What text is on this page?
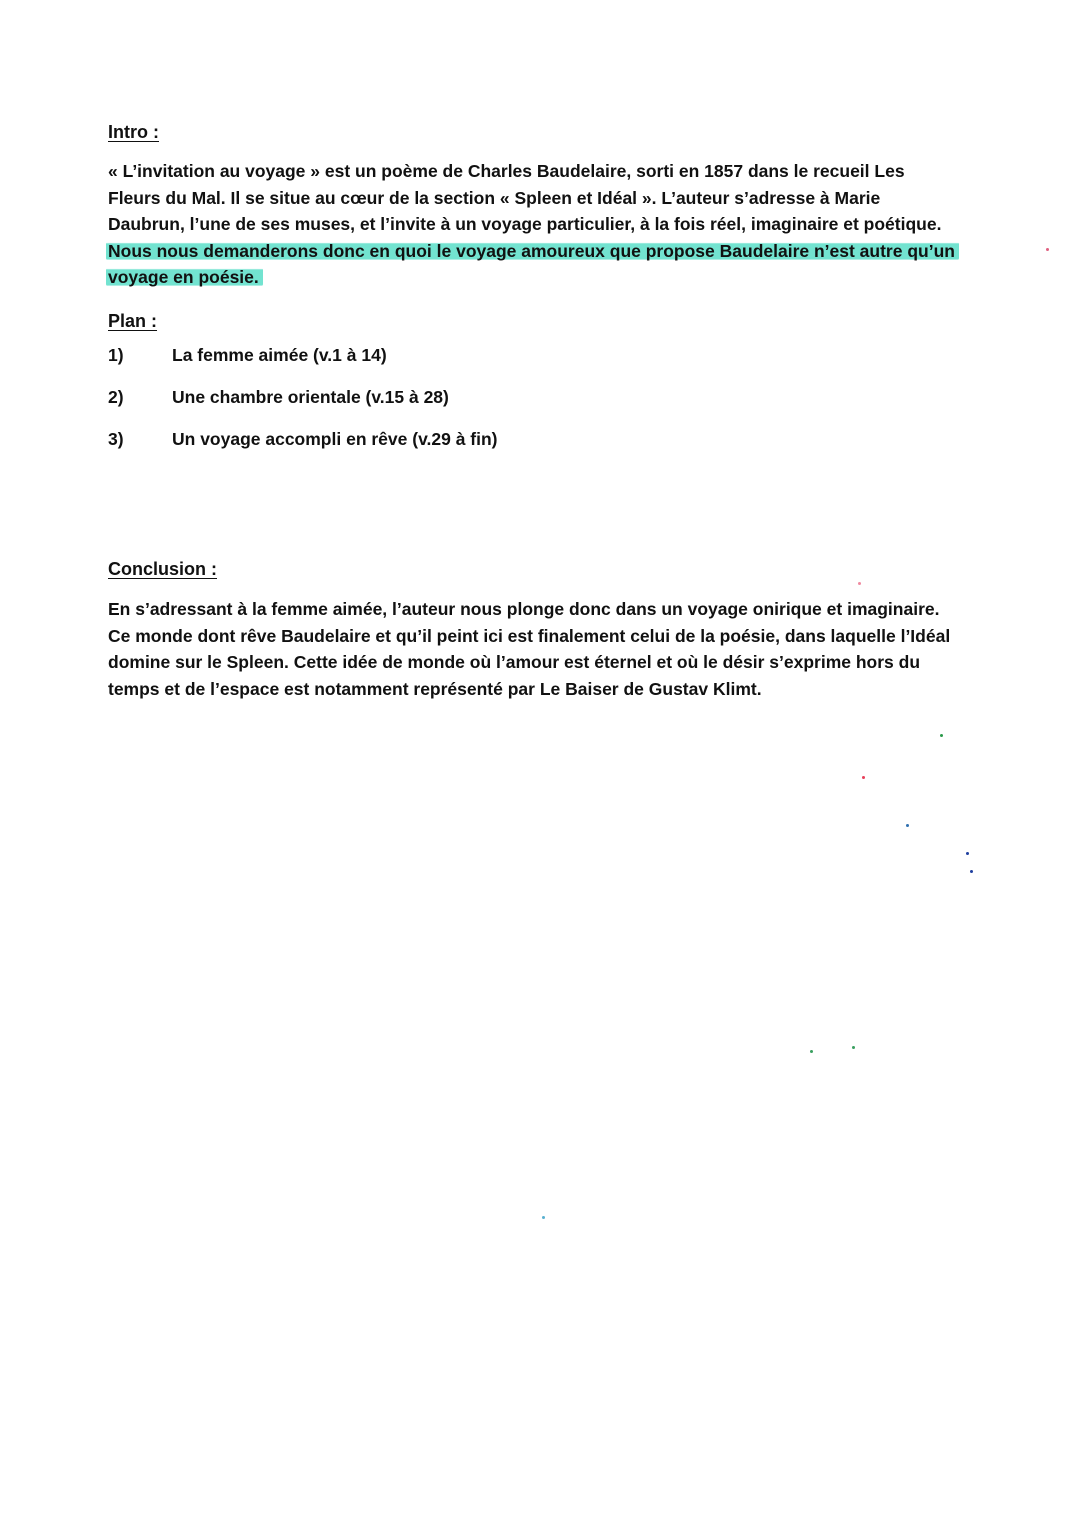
Intro :
« L’invitation au voyage » est un poème de Charles Baudelaire, sorti en 1857 dans le recueil Les
Fleurs du Mal. Il se situe au cœur de la section « Spleen et Idéal ». L’auteur s’adresse à Marie
Daubrun, l’une de ses muses, et l’invite à un voyage particulier, à la fois réel, imaginaire et poétique.
Nous nous demanderons donc en quoi le voyage amoureux que propose Baudelaire n’est autre qu’un
voyage en poésie.
Plan :
1)	La femme aimée (v.1 à 14)
2)	Une chambre orientale (v.15 à 28)
3)	Un voyage accompli en rêve (v.29 à fin)
Conclusion :
En s’adressant à la femme aimée, l’auteur nous plonge donc dans un voyage onirique et imaginaire.
Ce monde dont rêve Baudelaire et qu’il peint ici est finalement celui de la poésie, dans laquelle l’Idéal
domine sur le Spleen. Cette idée de monde où l’amour est éternel et où le désir s’exprime hors du
temps et de l’espace est notamment représenté par Le Baiser de Gustav Klimt.
